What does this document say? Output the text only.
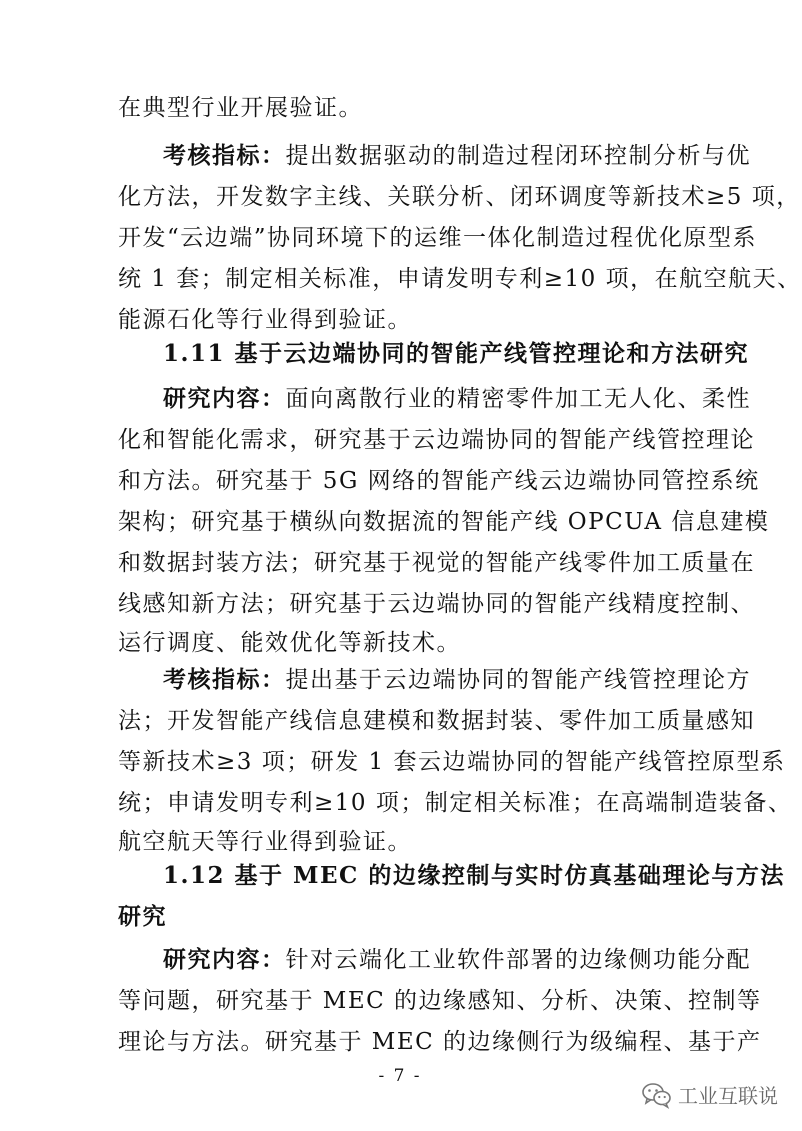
在典型行业开展验证。
考核指标：提出数据驱动的制造过程闭环控制分析与优
化方法，开发数字主线、关联分析、闭环调度等新技术≥5 项，
开发“云边端”协同环境下的运维一体化制造过程优化原型系
统 1 套；制定相关标准，申请发明专利≥10 项，在航空航天、
能源石化等行业得到验证。
1.11 基于云边端协同的智能产线管控理论和方法研究
研究内容：面向离散行业的精密零件加工无人化、柔性
化和智能化需求，研究基于云边端协同的智能产线管控理论
和方法。研究基于 5G 网络的智能产线云边端协同管控系统
架构；研究基于横纵向数据流的智能产线 OPCUA 信息建模
和数据封装方法；研究基于视觉的智能产线零件加工质量在
线感知新方法；研究基于云边端协同的智能产线精度控制、
运行调度、能效优化等新技术。
考核指标：提出基于云边端协同的智能产线管控理论方
法；开发智能产线信息建模和数据封装、零件加工质量感知
等新技术≥3 项；研发 1 套云边端协同的智能产线管控原型系
统；申请发明专利≥10 项；制定相关标准；在高端制造装备、
航空航天等行业得到验证。
1.12 基于 MEC 的边缘控制与实时仿真基础理论与方法
研究
研究内容：针对云端化工业软件部署的边缘侧功能分配
等问题，研究基于 MEC 的边缘感知、分析、决策、控制等
理论与方法。研究基于 MEC 的边缘侧行为级编程、基于产
- 7 -
工业互联说
